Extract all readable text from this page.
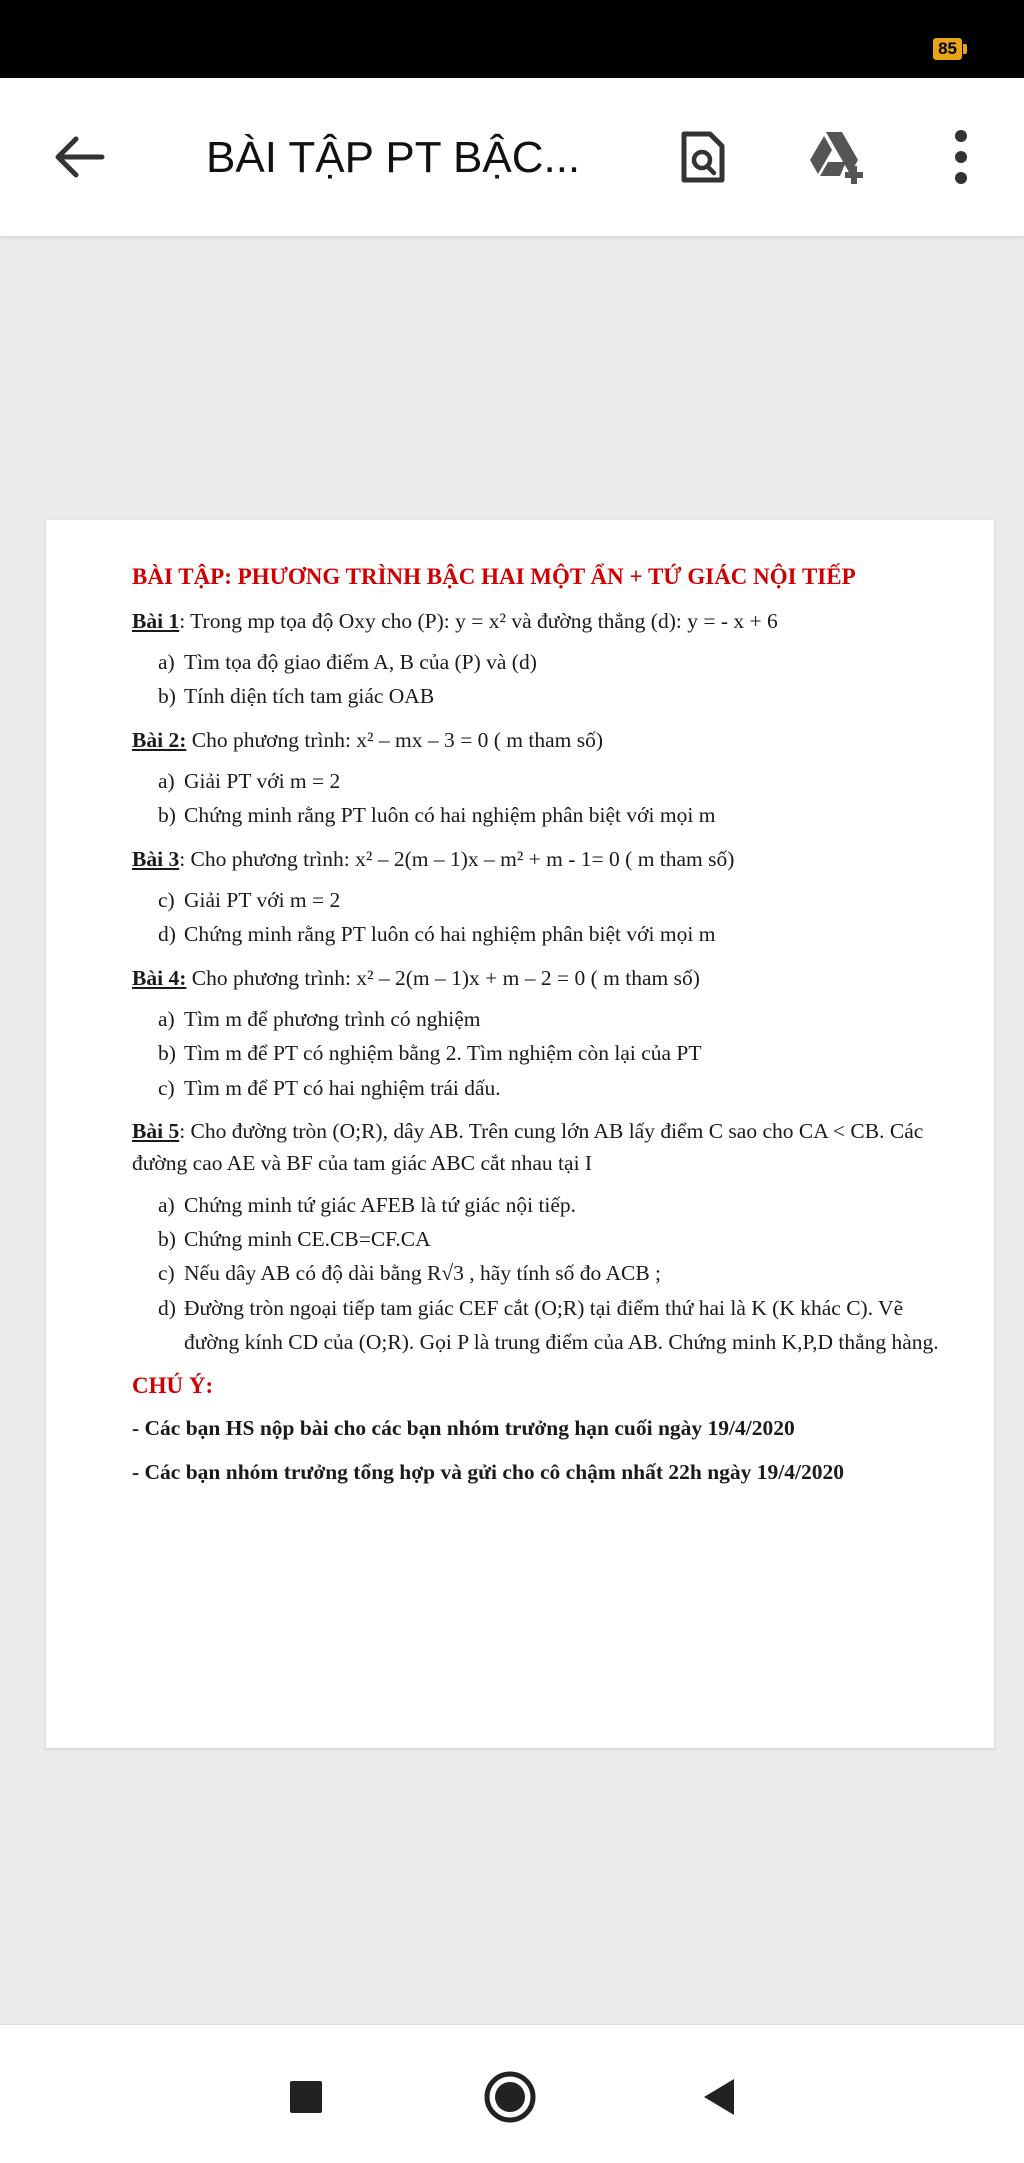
85
BÀI TẬP PT BẬC...
BÀI TẬP: PHƯƠNG TRÌNH BẬC HAI MỘT ẨN + TỨ GIÁC NỘI TIẾP
Bài 1: Trong mp tọa độ Oxy cho (P): y = x² và đường thẳng (d): y = - x + 6
a) Tìm tọa độ giao điểm A, B của (P) và (d)
b) Tính diện tích tam giác OAB
Bài 2: Cho phương trình: x² – mx – 3 = 0 ( m tham số)
a) Giải PT với m = 2
b) Chứng minh rằng PT luôn có hai nghiệm phân biệt với mọi m
Bài 3: Cho phương trình: x² – 2(m – 1)x – m² + m - 1= 0 ( m tham số)
c) Giải PT với m = 2
d) Chứng minh rằng PT luôn có hai nghiệm phân biệt với mọi m
Bài 4: Cho phương trình: x² – 2(m – 1)x + m – 2 = 0 ( m tham số)
a) Tìm m để phương trình có nghiệm
b) Tìm m để PT có nghiệm bằng 2. Tìm nghiệm còn lại của PT
c) Tìm m để PT có hai nghiệm trái dấu.
Bài 5: Cho đường tròn (O;R), dây AB. Trên cung lớn AB lấy điểm C sao cho CA < CB. Các đường cao AE và BF của tam giác ABC cắt nhau tại I
a) Chứng minh tứ giác AFEB là tứ giác nội tiếp.
b) Chứng minh CE.CB=CF.CA
c) Nếu dây AB có độ dài bằng R√3 , hãy tính số đo ACB ;
d) Đường tròn ngoại tiếp tam giác CEF cắt (O;R) tại điểm thứ hai là K (K khác C). Vẽ đường kính CD của (O;R). Gọi P là trung điểm của AB. Chứng minh K,P,D thẳng hàng.
CHÚ Ý:
- Các bạn HS nộp bài cho các bạn nhóm trưởng hạn cuối ngày 19/4/2020
- Các bạn nhóm trưởng tổng hợp và gửi cho cô chậm nhất 22h ngày 19/4/2020
